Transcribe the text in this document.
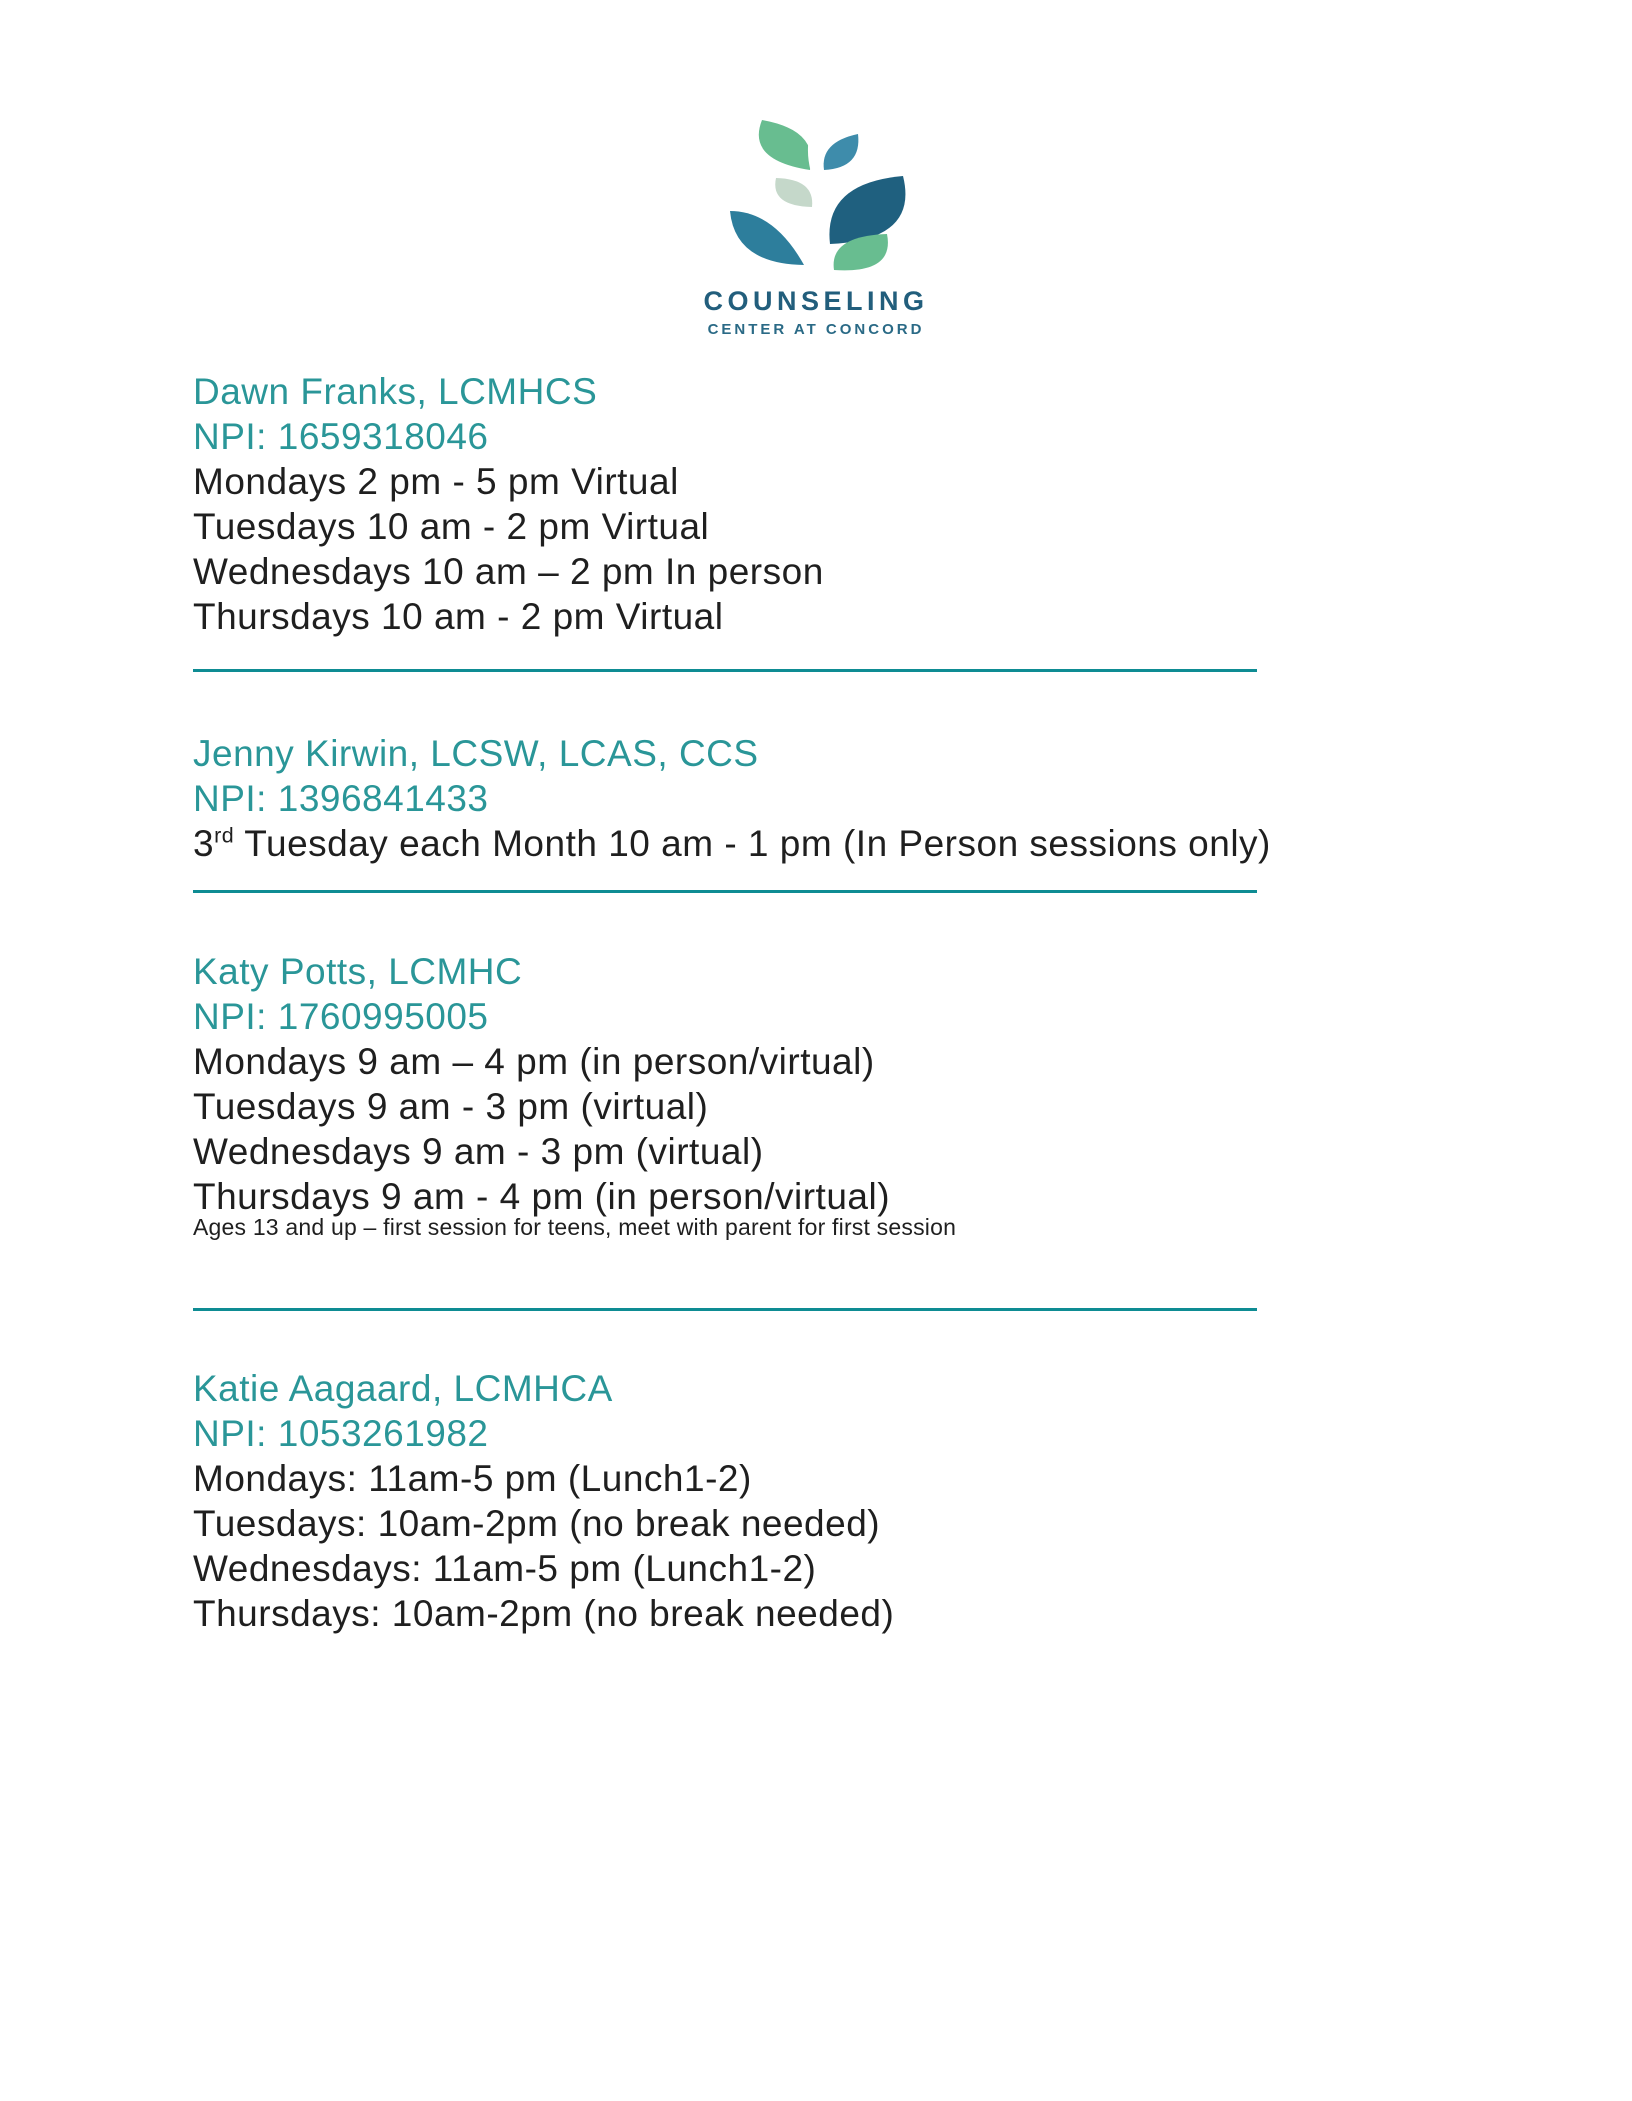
COUNSELING
CENTER AT CONCORD
Dawn Franks, LCMHCS
NPI: 1659318046
Mondays 2 pm - 5 pm Virtual
Tuesdays 10 am - 2 pm Virtual
Wednesdays 10 am – 2 pm In person
Thursdays 10 am - 2 pm Virtual
Jenny Kirwin, LCSW, LCAS, CCS
NPI: 1396841433
3rd Tuesday each Month 10 am - 1 pm (In Person sessions only)
Katy Potts, LCMHC
NPI: 1760995005
Mondays 9 am – 4 pm (in person/virtual)
Tuesdays 9 am - 3 pm (virtual)
Wednesdays 9 am - 3 pm (virtual)
Thursdays 9 am - 4 pm (in person/virtual)
Ages 13 and up – first session for teens, meet with parent for first session
Katie Aagaard, LCMHCA
NPI: 1053261982
Mondays: 11am-5 pm (Lunch1-2)
Tuesdays: 10am-2pm (no break needed)
Wednesdays: 11am-5 pm (Lunch1-2)
Thursdays: 10am-2pm (no break needed)
